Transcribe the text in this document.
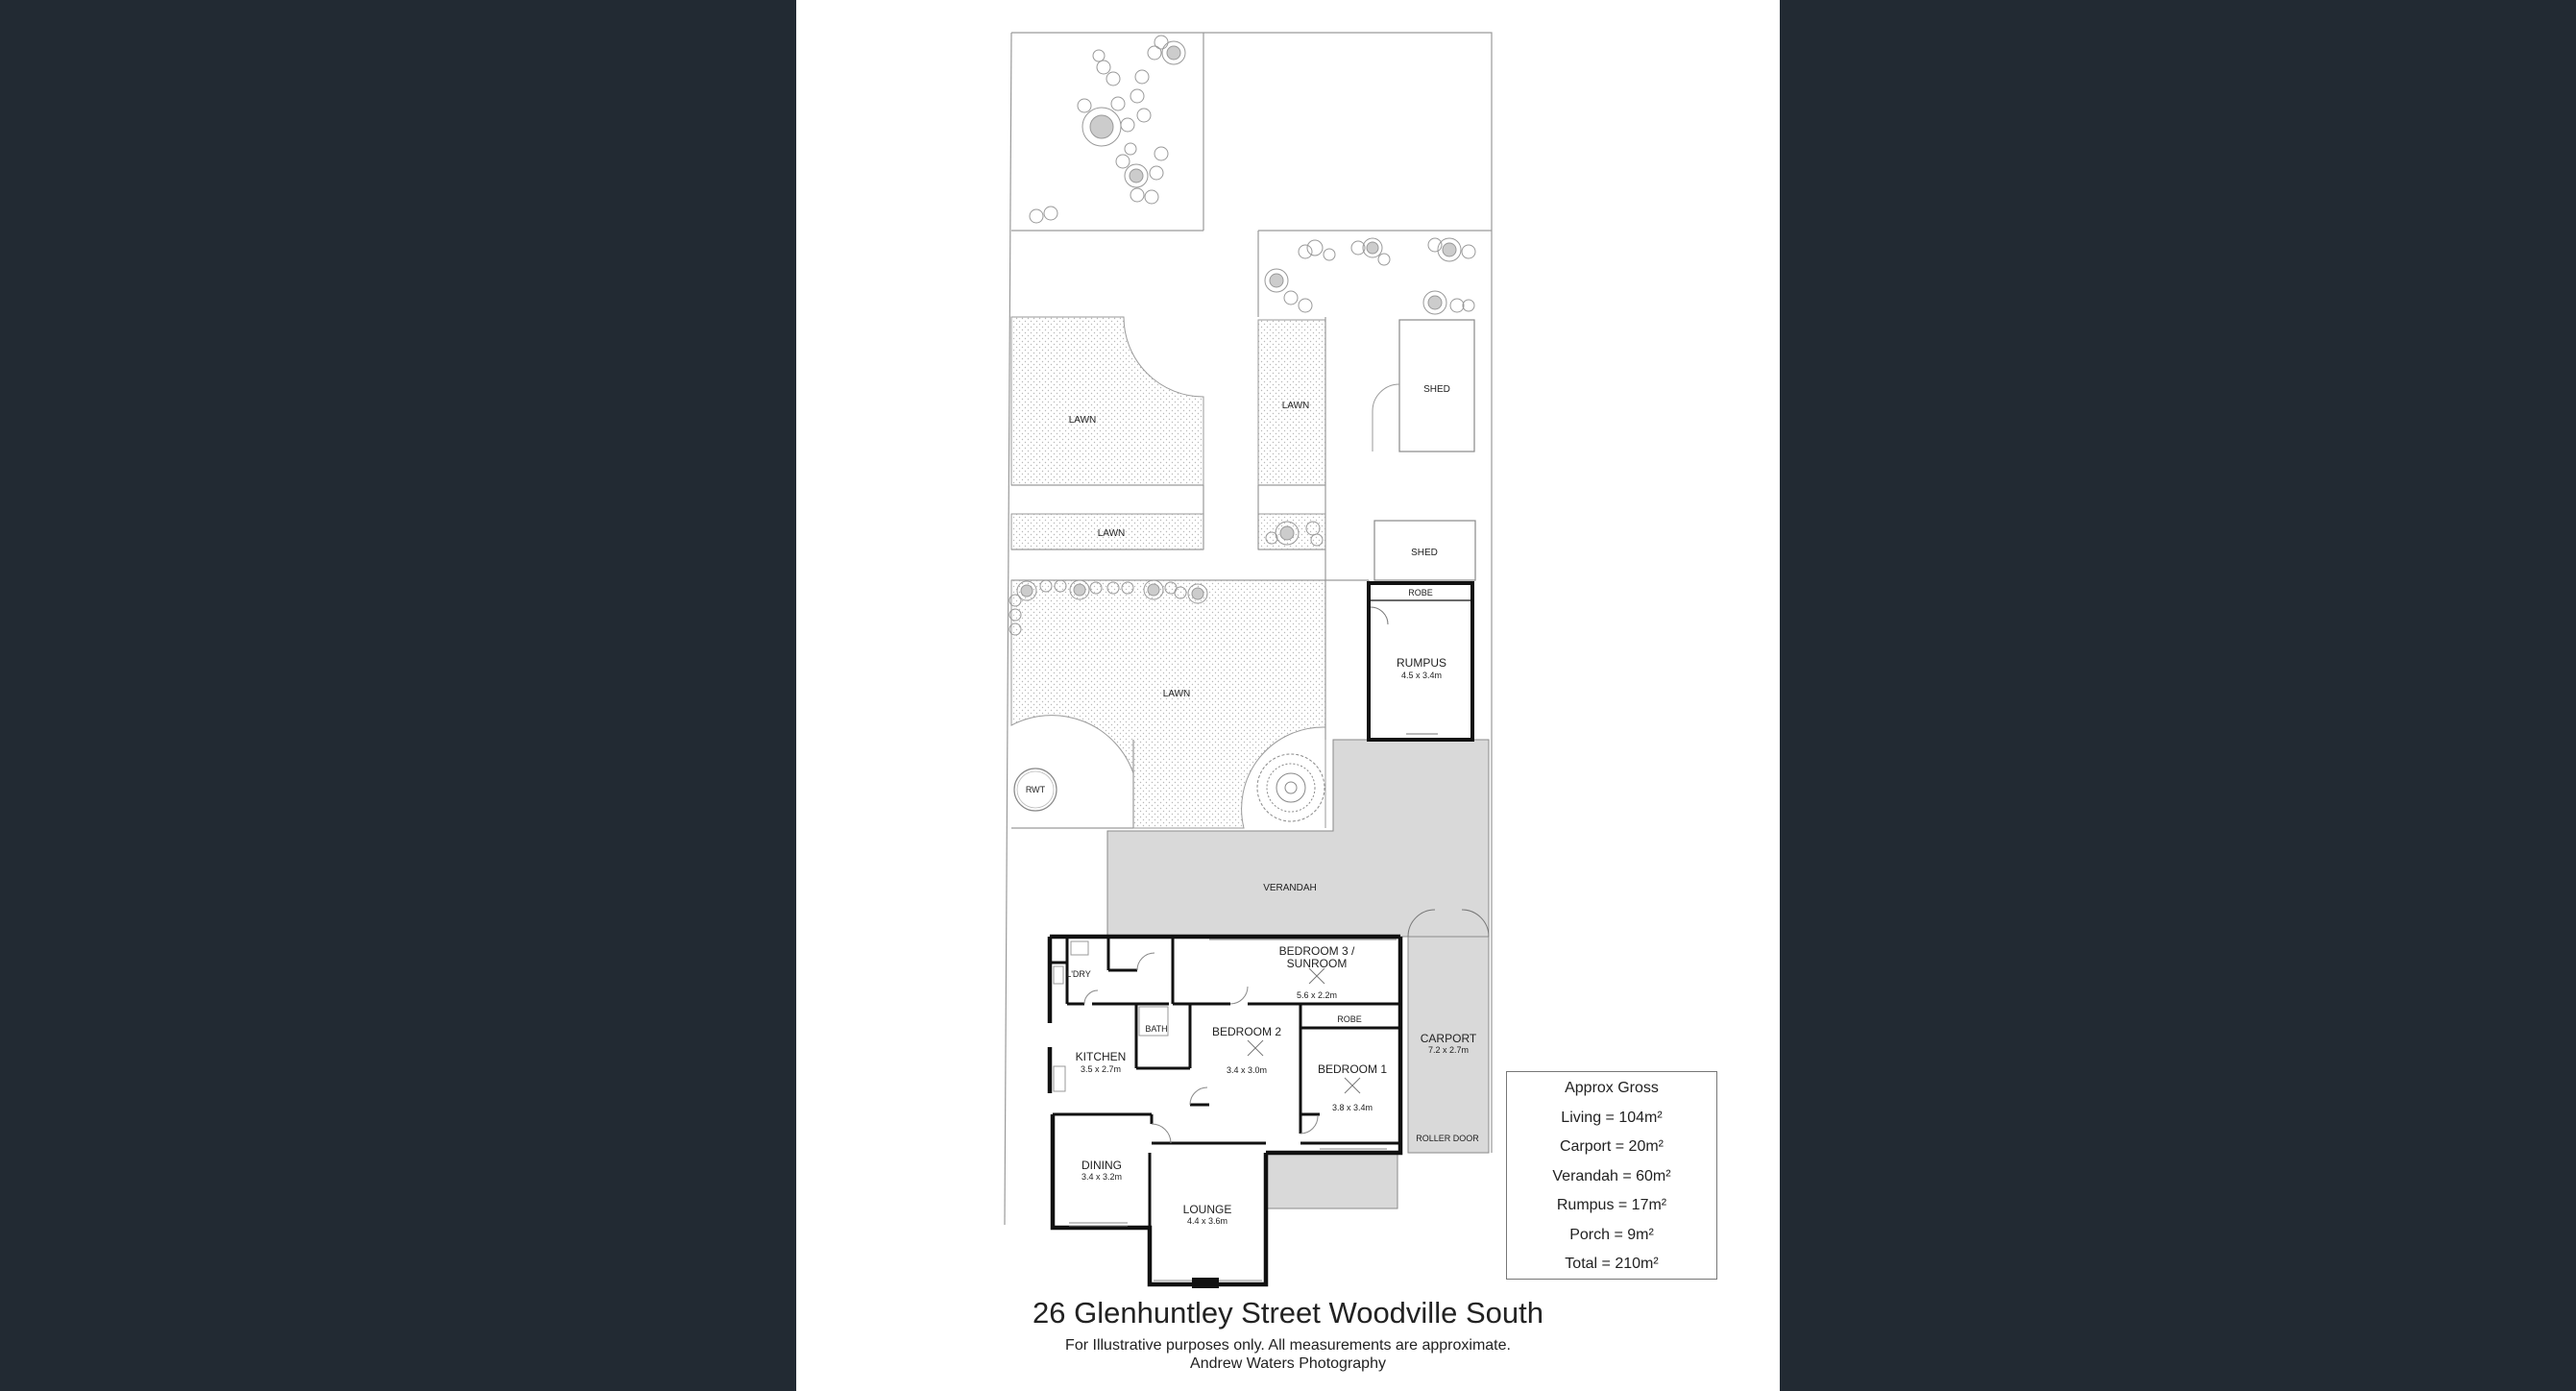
LAWN
LAWN
LAWN
LAWN
SHED
SHED
ROBE
RUMPUS
4.5 x 3.4m
RWT
VERANDAH
BEDROOM 3 /
SUNROOM
5.6 x 2.2m
L'DRY
BATH	BEDROOM 2
3.4 x 3.0m
ROBE
BEDROOM 1
3.8 x 3.4m
KITCHEN
3.5 x 2.7m
CARPORT
7.2 x 2.7m
ROLLER DOOR
DINING
3.4 x 3.2m
LOUNGE
4.4 x 3.6m
Approx Gross
Living = 104m²
Carport = 20m²
Verandah = 60m²
Rumpus = 17m²
Porch = 9m²
Total = 210m²
26 Glenhuntley Street Woodville South
For Illustrative purposes only. All measurements are approximate.
Andrew Waters Photography
